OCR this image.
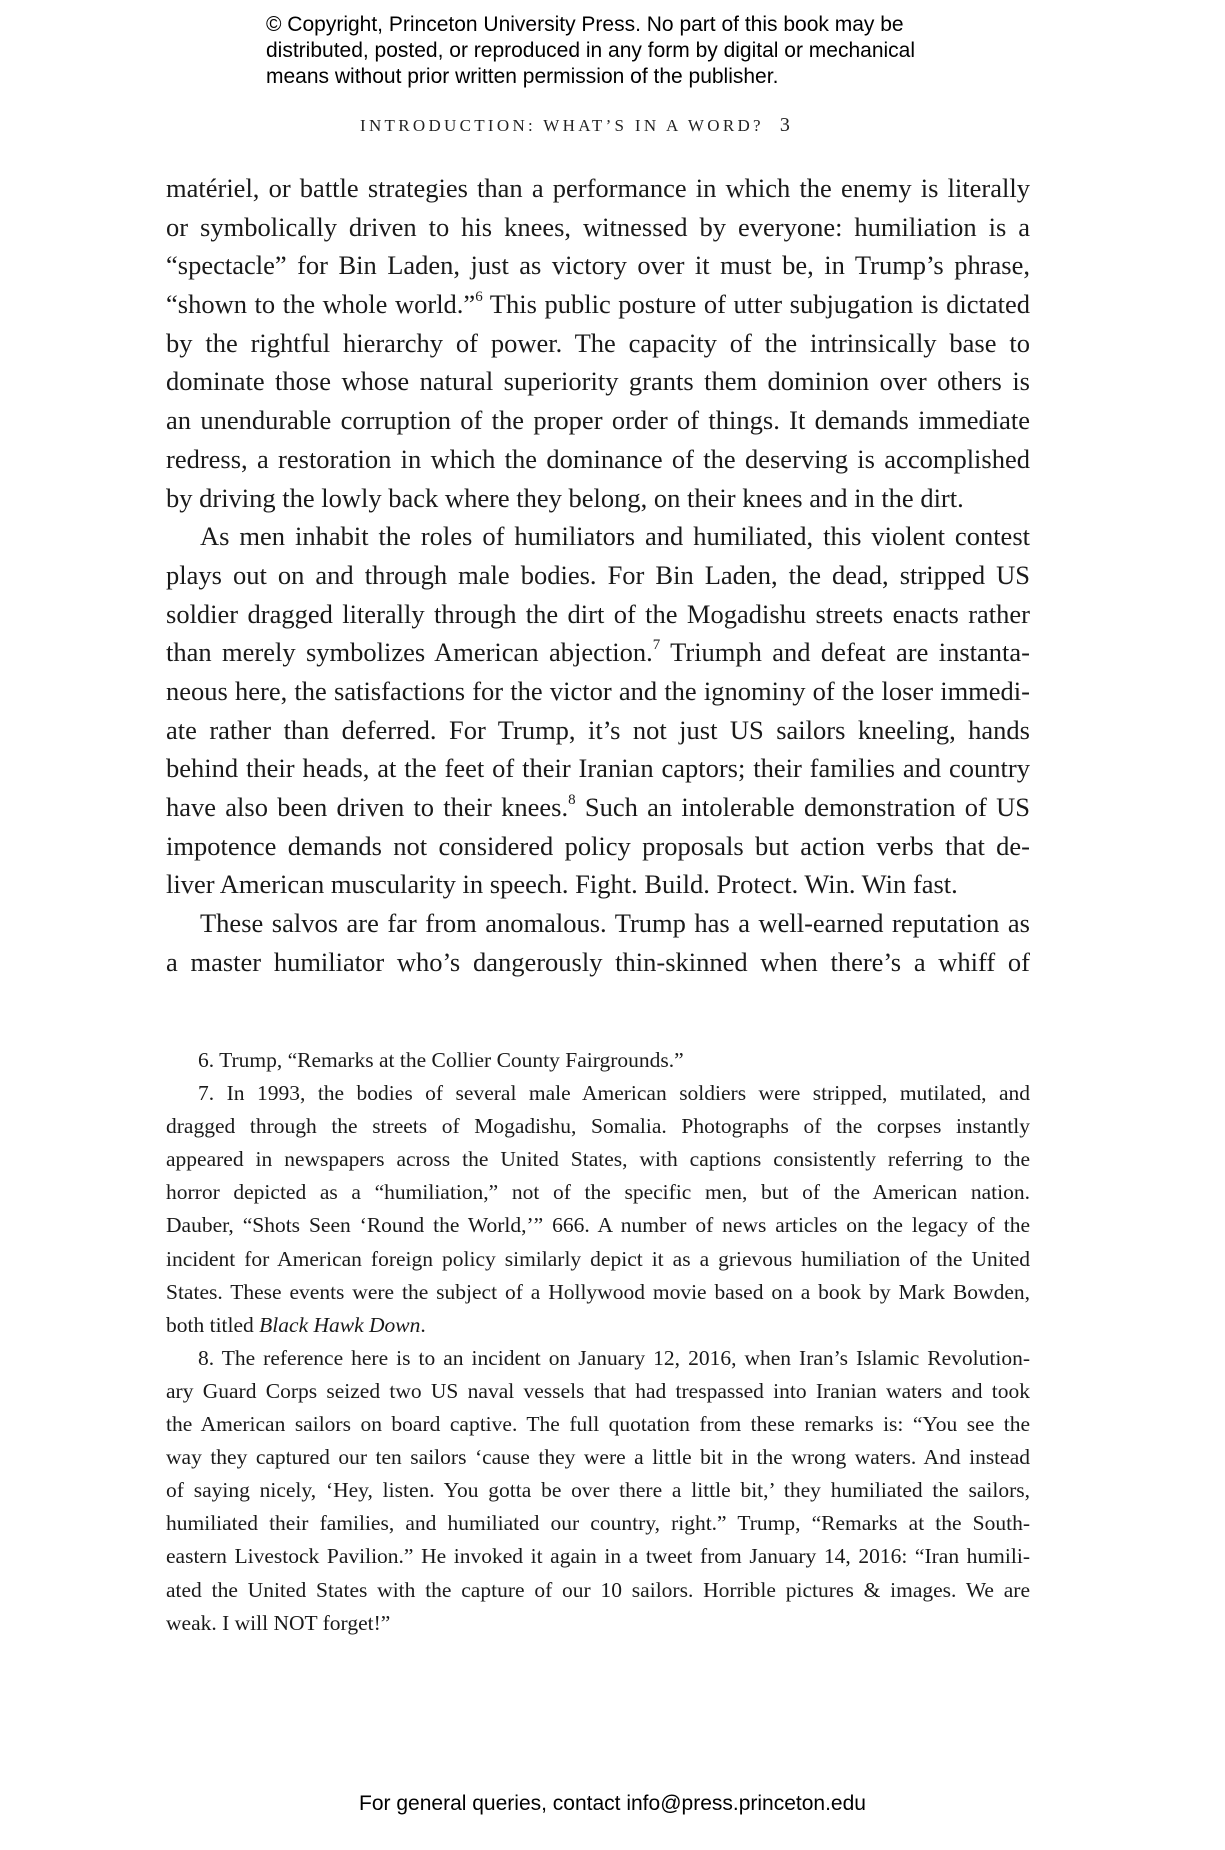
© Copyright, Princeton University Press. No part of this book may be
distributed, posted, or reproduced in any form by digital or mechanical
means without prior written permission of the publisher.
INTRODUCTION: WHAT’S IN A WORD? 3
matériel, or battle strategies than a performance in which the enemy is literally
or symbolically driven to his knees, witnessed by everyone: humiliation is a
“spectacle” for Bin Laden, just as victory over it must be, in Trump’s phrase,
“shown to the whole world.”$^6$ This public posture of utter subjugation is dictated
by the rightful hierarchy of power. The capacity of the intrinsically base to
dominate those whose natural superiority grants them dominion over others is
an unendurable corruption of the proper order of things. It demands immediate
redress, a restoration in which the dominance of the deserving is accomplished
by driving the lowly back where they belong, on their knees and in the dirt.
As men inhabit the roles of humiliators and humiliated, this violent contest
plays out on and through male bodies. For Bin Laden, the dead, stripped US
soldier dragged literally through the dirt of the Mogadishu streets enacts rather
than merely symbolizes American abjection.$^7$ Triumph and defeat are instanta-
neous here, the satisfactions for the victor and the ignominy of the loser immedi-
ate rather than deferred. For Trump, it’s not just US sailors kneeling, hands
behind their heads, at the feet of their Iranian captors; their families and country
have also been driven to their knees.$^8$ Such an intolerable demonstration of US
impotence demands not considered policy proposals but action verbs that de-
liver American muscularity in speech. Fight. Build. Protect. Win. Win fast.
These salvos are far from anomalous. Trump has a well-earned reputation as
a master humiliator who’s dangerously thin-skinned when there’s a whiff of
6. Trump, “Remarks at the Collier County Fairgrounds.”
7. In 1993, the bodies of several male American soldiers were stripped, mutilated, and
dragged through the streets of Mogadishu, Somalia. Photographs of the corpses instantly
appeared in newspapers across the United States, with captions consistently referring to the
horror depicted as a “humiliation,” not of the specific men, but of the American nation.
Dauber, “Shots Seen ‘Round the World,’” 666. A number of news articles on the legacy of the
incident for American foreign policy similarly depict it as a grievous humiliation of the United
States. These events were the subject of a Hollywood movie based on a book by Mark Bowden,
both titled Black Hawk Down.
8. The reference here is to an incident on January 12, 2016, when Iran’s Islamic Revolution-
ary Guard Corps seized two US naval vessels that had trespassed into Iranian waters and took
the American sailors on board captive. The full quotation from these remarks is: “You see the
way they captured our ten sailors ‘cause they were a little bit in the wrong waters. And instead
of saying nicely, ‘Hey, listen. You gotta be over there a little bit,’ they humiliated the sailors,
humiliated their families, and humiliated our country, right.” Trump, “Remarks at the South-
eastern Livestock Pavilion.” He invoked it again in a tweet from January 14, 2016: “Iran humili-
ated the United States with the capture of our 10 sailors. Horrible pictures & images. We are
weak. I will NOT forget!”
For general queries, contact info@press.princeton.edu
